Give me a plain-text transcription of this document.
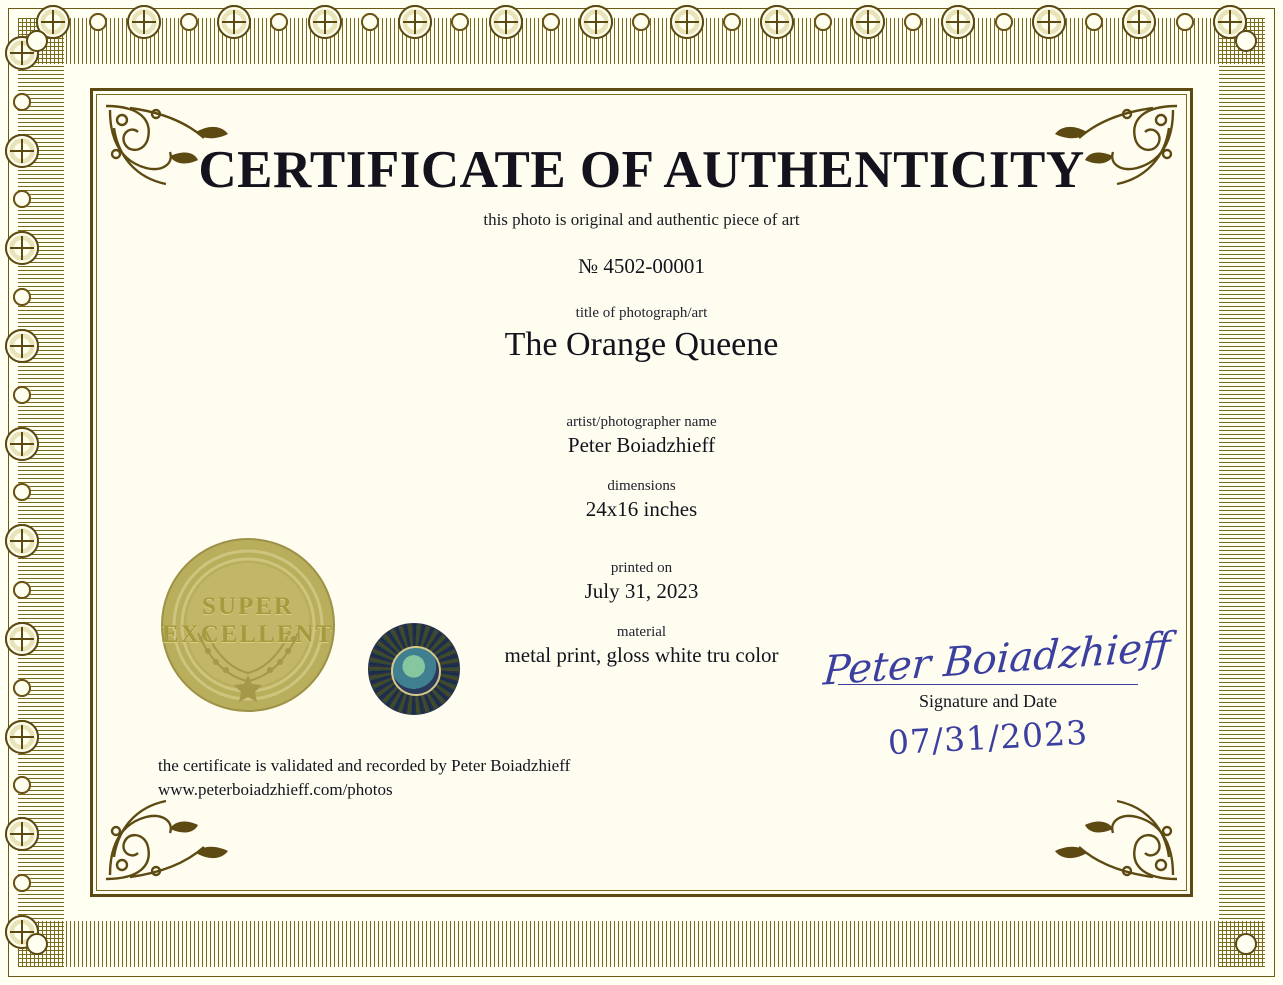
CERTIFICATE OF AUTHENTICITY
this photo is original and authentic piece of art
№ 4502-00001
title of photograph/art
The Orange Queene
artist/photographer name
Peter Boiadzhieff
dimensions
24x16 inches
printed on
July 31, 2023
material
metal print, gloss white tru color
SUPER
EXCELLENT	Peter Boiadzhieff
Signature and Date
07/31/2023
the certificate is validated and recorded by Peter Boiadzhieff
www.peterboiadzhieff.com/photos
